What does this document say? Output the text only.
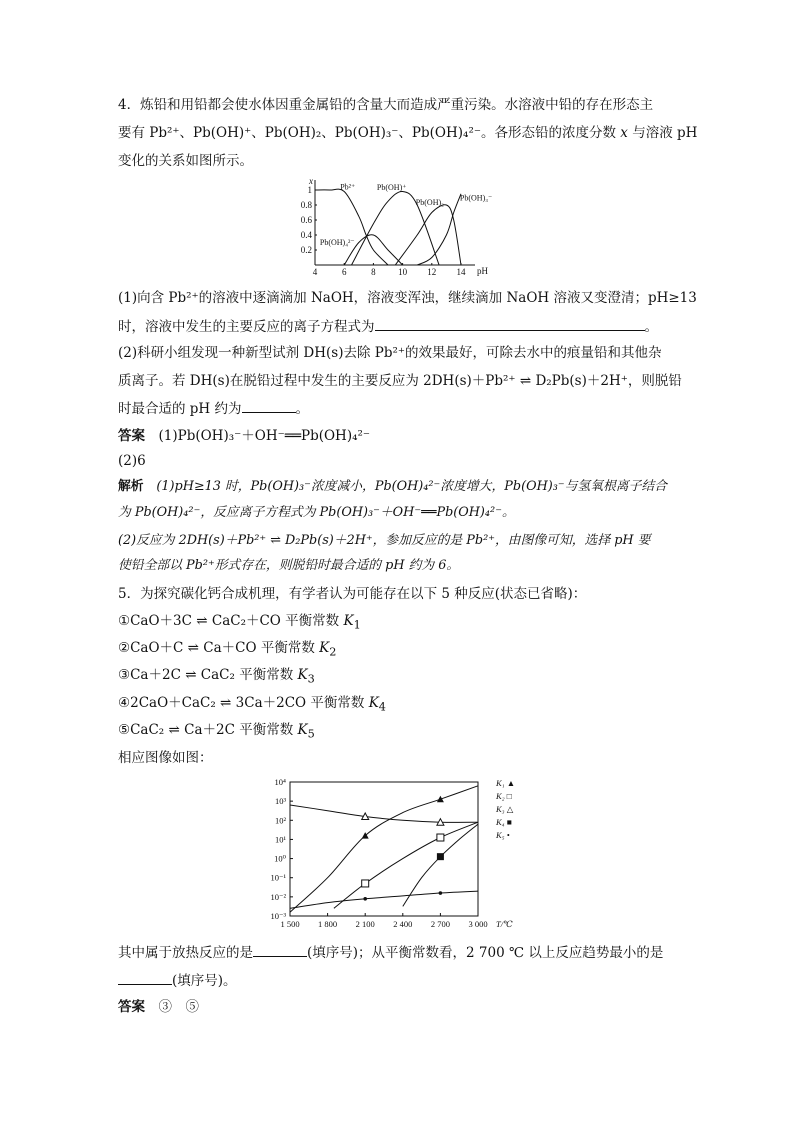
4．炼铅和用铅都会使水体因重金属铅的含量大而造成严重污染。水溶液中铅的存在形态主
要有 Pb²⁺、Pb(OH)⁺、Pb(OH)₂、Pb(OH)₃⁻、Pb(OH)₄²⁻。各形态铅的浓度分数 x 与溶液 pH
变化的关系如图所示。
x
pH
4	6	8 10 12 14
0.2
0.4
0.6
0.8
1	Pb²⁺	Pb(OH)⁺
Pb(OH)₂ Pb(OH)₃⁻
Pb(OH)₄²⁻
(1)向含 Pb²⁺的溶液中逐滴滴加 NaOH，溶液变浑浊，继续滴加 NaOH 溶液又变澄清；pH≥13
时，溶液中发生的主要反应的离子方程式为	。
(2)科研小组发现一种新型试剂 DH(s)去除 Pb²⁺的效果最好，可除去水中的痕量铅和其他杂
质离子。若 DH(s)在脱铅过程中发生的主要反应为 2DH(s)＋Pb²⁺ ⇌ D₂Pb(s)＋2H⁺，则脱铅
时最合适的 pH 约为	。
答案　 (1)Pb(OH)₃⁻＋OH⁻══Pb(OH)₄²⁻
(2)6
解析　 (1)pH≥13 时，Pb(OH)₃⁻浓度减小，Pb(OH)₄²⁻浓度增大，Pb(OH)₃⁻与氢氧根离子结合
为 Pb(OH)₄²⁻，反应离子方程式为 Pb(OH)₃⁻＋OH⁻══Pb(OH)₄²⁻。
(2)反应为 2DH(s)＋Pb²⁺ ⇌ D₂Pb(s)＋2H⁺，参加反应的是 Pb²⁺，由图像可知，选择 pH 要
使铅全部以 Pb²⁺形式存在，则脱铅时最合适的 pH 约为 6。
5．为探究碳化钙合成机理，有学者认为可能存在以下 5 种反应(状态已省略)：
①CaO＋3C ⇌ CaC₂＋CO 平衡常数 $K_1$
②CaO＋C ⇌ Ca＋CO 平衡常数 $K_2$
③Ca＋2C ⇌ CaC₂ 平衡常数 $K_3$
④2CaO＋CaC₂ ⇌ 3Ca＋2CO 平衡常数 $K_4$
⑤CaC₂ ⇌ Ca＋2C 平衡常数 $K_5$
相应图像如图：
1 500 1 800 2 100 2 400 2 700 3 000 T/℃
10⁻³
10⁻²
10⁻¹
10⁰
10¹
10²
10³
10⁴	K₁ ▲
K₂ □
K₃ △
K₄ ■
K₅ •
其中属于放热反应的是	(填序号)；从平衡常数看，2 700 ℃ 以上反应趋势最小的是
(填序号)。
答案　 ③　⑤
